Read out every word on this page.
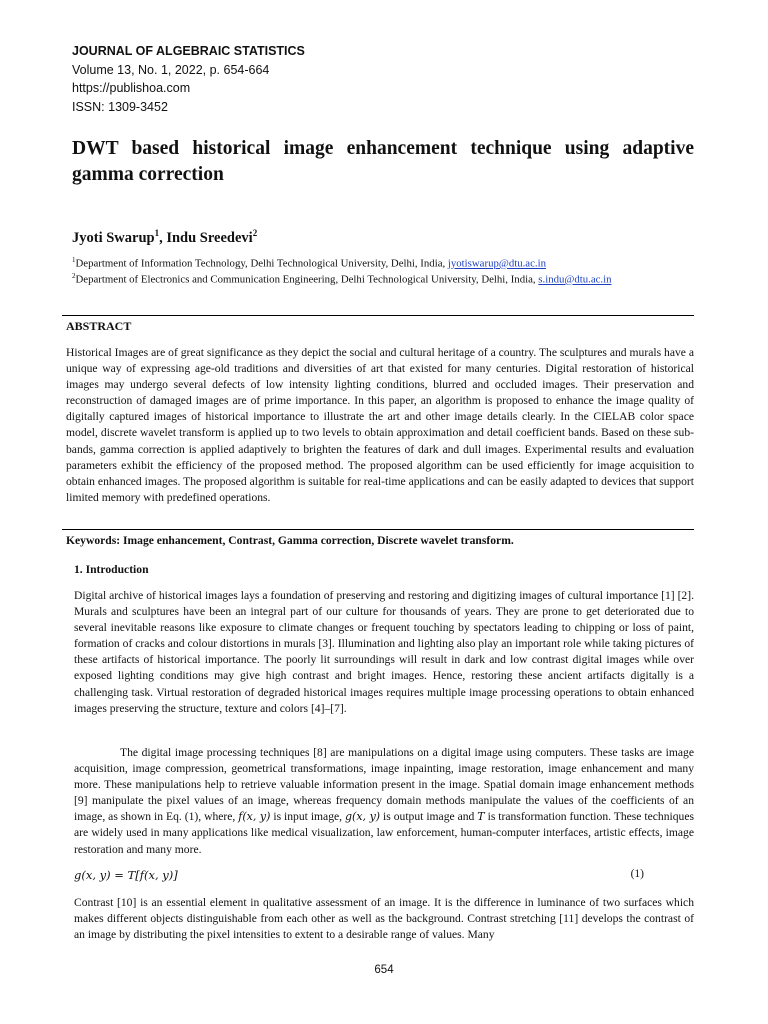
JOURNAL OF ALGEBRAIC STATISTICS
Volume 13, No. 1, 2022, p. 654-664
https://publishoa.com
ISSN: 1309-3452
DWT based historical image enhancement technique using adaptive
gamma correction
Jyoti Swarup$^1$, Indu Sreedevi$^2$
$^1$Department of Information Technology, Delhi Technological University, Delhi, India, jyotiswarup@dtu.ac.in
$^2$Department of Electronics and Communication Engineering, Delhi Technological University, Delhi, India, s.indu@dtu.ac.in
ABSTRACT
Historical Images are of great significance as they depict the social and cultural heritage of a country. The sculptures and murals have a unique way of expressing age-old traditions and diversities of art that existed for many centuries. Digital restoration of historical images may undergo several defects of low intensity lighting conditions, blurred and occluded images. Their preservation and reconstruction of damaged images are of prime importance. In this paper, an algorithm is proposed to enhance the image quality of digitally captured images of historical importance to illustrate the art and other image details clearly. In the CIELAB color space model, discrete wavelet transform is applied up to two levels to obtain approximation and detail coefficient bands. Based on these sub-bands, gamma correction is applied adaptively to brighten the features of dark and dull images. Experimental results and evaluation parameters exhibit the efficiency of the proposed method. The proposed algorithm can be used efficiently for image acquisition to obtain enhanced images. The proposed algorithm is suitable for real-time applications and can be easily adapted to devices that support limited memory with predefined operations.
Keywords: Image enhancement, Contrast, Gamma correction, Discrete wavelet transform.
1. Introduction

Digital archive of historical images lays a foundation of preserving and restoring and digitizing images of cultural importance [1] [2]. Murals and sculptures have been an integral part of our culture for thousands of years. They are prone to get deteriorated due to several inevitable reasons like exposure to climate changes or frequent touching by spectators leading to chipping or loss of paint, formation of cracks and colour distortions in murals [3]. Illumination and lighting also play an important role while taking pictures of these artifacts of historical importance. The poorly lit surroundings will result in dark and low contrast digital images while over exposed lighting conditions may give high contrast and bright images. Hence, restoring these ancient artifacts digitally is a challenging task. Virtual restoration of degraded historical images requires multiple image processing operations to obtain enhanced images preserving the structure, texture and colors [4]–[7].

The digital image processing techniques [8] are manipulations on a digital image using computers. These tasks are image acquisition, image compression, geometrical transformations, image inpainting, image restoration, image enhancement and many more. These manipulations help to retrieve valuable information present in the image. Spatial domain image enhancement methods [9] manipulate the pixel values of an image, whereas frequency domain methods manipulate the values of the coefficients of an image, as shown in Eq. (1), where, f(x, y) is input image, g(x, y) is output image and T is transformation function. These techniques are widely used in many applications like medical visualization, law enforcement, human-computer interfaces, artistic effects, image restoration and many more.

g(x, y) = T[f(x, y)]	(1)

Contrast [10] is an essential element in qualitative assessment of an image. It is the difference in luminance of two surfaces which makes different objects distinguishable from each other as well as the background. Contrast stretching [11] develops the contrast of an image by distributing the pixel intensities to extent to a desirable range of values. Many

654
